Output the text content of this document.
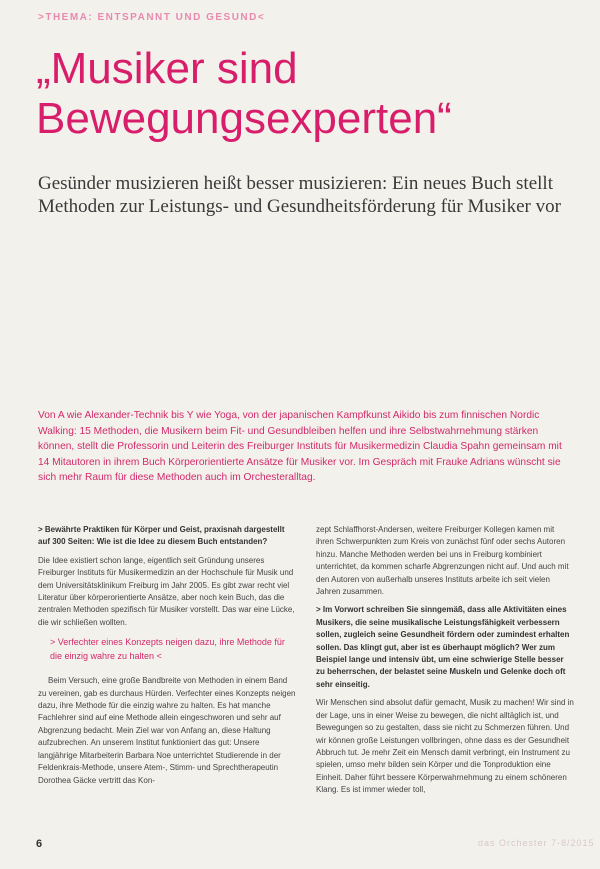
>THEMA: ENTSPANNT UND GESUND<
„Musiker sind Bewegungsexperten“

Gesünder musizieren heißt besser musizieren: Ein neues Buch stellt Methoden zur Leistungs- und Gesundheitsförderung für Musiker vor

Von A wie Alexander-Technik bis Y wie Yoga, von der japanischen Kampfkunst Aikido bis zum finnischen Nordic Walking: 15 Methoden, die Musikern beim Fit- und Gesundbleiben helfen und ihre Selbstwahrnehmung stärken können, stellt die Professorin und Leiterin des Freiburger Instituts für Musikermedizin Claudia Spahn gemeinsam mit 14 Mitautoren in ihrem Buch Körperorientierte Ansätze für Musiker vor. Im Gespräch mit Frauke Adrians wünscht sie sich mehr Raum für diese Methoden auch im Orchesteralltag.

> Bewährte Praktiken für Körper und Geist, praxisnah dargestellt auf 300 Seiten: Wie ist die Idee zu diesem Buch entstanden?

Die Idee existiert schon lange, eigentlich seit Gründung unseres Freiburger Instituts für Musikermedizin an der Hochschule für Musik und dem Universitätsklinikum Freiburg im Jahr 2005. Es gibt zwar recht viel Literatur über körperorientierte Ansätze, aber noch kein Buch, das die zentralen Methoden spezifisch für Musiker vorstellt. Das war eine Lücke, die wir schließen wollten.

> Verfechter eines Konzepts neigen dazu, ihre Methode für die einzig wahre zu halten <

Beim Versuch, eine große Bandbreite von Methoden in einem Band zu vereinen, gab es durchaus Hürden. Verfechter eines Konzepts neigen dazu, ihre Methode für die einzig wahre zu halten. Es hat manche Fachlehrer sind auf eine Methode allein eingeschworen und sehr auf Abgrenzung bedacht. Mein Ziel war von Anfang an, diese Haltung aufzubrechen. An unserem Institut funktioniert das gut: Unsere langjährige Mitarbeiterin Barbara Noe unterrichtet Studierende in der Feldenkrais-Methode, unsere Atem-, Stimm- und Sprechtherapeutin Dorothea Gäcke vertritt das Kon-

zept Schlaffhorst-Andersen, weitere Freiburger Kollegen kamen mit ihren Schwerpunkten zum Kreis von zunächst fünf oder sechs Autoren hinzu. Manche Methoden werden bei uns in Freiburg kombiniert unterrichtet, da kommen scharfe Abgrenzungen nicht auf. Und auch mit den Autoren von außerhalb unseres Instituts arbeite ich seit vielen Jahren zusammen.

> Im Vorwort schreiben Sie sinngemäß, dass alle Aktivitäten eines Musikers, die seine musikalische Leistungsfähigkeit verbessern sollen, zugleich seine Gesundheit fördern oder zumindest erhalten sollen. Das klingt gut, aber ist es überhaupt möglich? Wer zum Beispiel lange und intensiv übt, um eine schwierige Stelle besser zu beherrschen, der belastet seine Muskeln und Gelenke doch oft sehr einseitig.

Wir Menschen sind absolut dafür gemacht, Musik zu machen! Wir sind in der Lage, uns in einer Weise zu bewegen, die nicht alltäglich ist, und Bewegungen so zu gestalten, dass sie nicht zu Schmerzen führen. Und wir können große Leistungen vollbringen, ohne dass es der Gesundheit Abbruch tut. Je mehr Zeit ein Mensch damit verbringt, ein Instrument zu spielen, umso mehr bilden sein Körper und die Tonproduktion eine Einheit. Daher führt bessere Körperwahrnehmung zu einem schöneren Klang. Es ist immer wieder toll,

6	das Orchester 7-8/2015
